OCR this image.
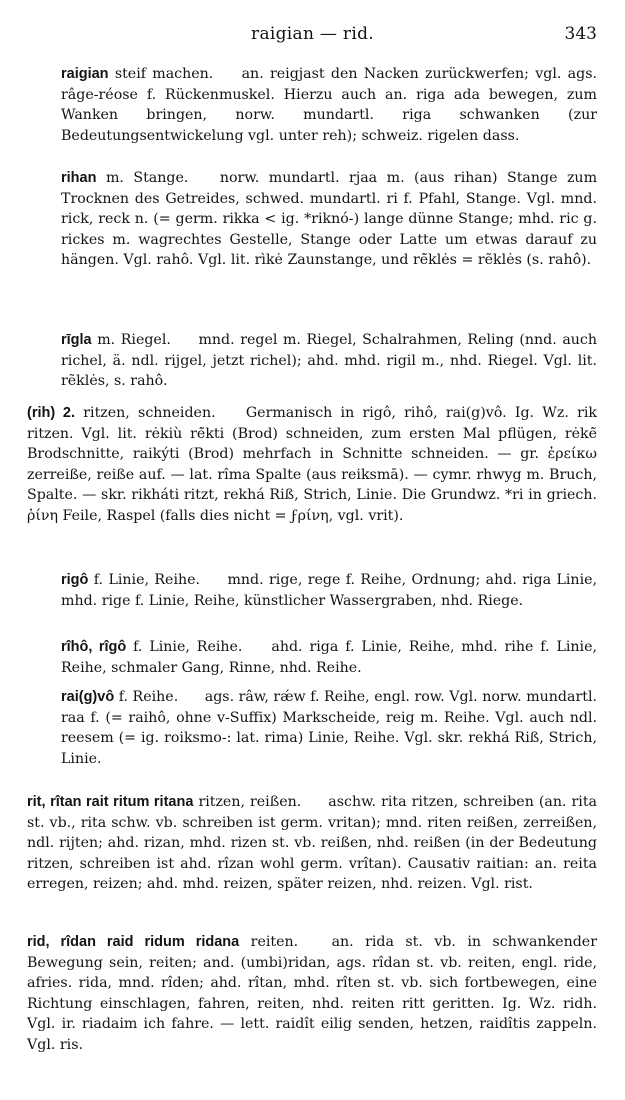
raigian — rid.	343

raigian steif machen. an. reigjast den Nacken zurückwerfen; vgl. ags. râge-réose f. Rückenmuskel. Hierzu auch an. riga ada bewegen, zum Wanken bringen, norw. mundartl. riga schwanken (zur Bedeutungsentwickelung vgl. unter reh); schweiz. rigelen dass.

rihan m. Stange. norw. mundartl. rjaa m. (aus rihan) Stange zum Trocknen des Getreides, schwed. mundartl. ri f. Pfahl, Stange. Vgl. mnd. rick, reck n. (= germ. rikka < ig. *riknó-) lange dünne Stange; mhd. ric g. rickes m. wagrechtes Gestelle, Stange oder Latte um etwas darauf zu hängen. Vgl. rahô. Vgl. lit. rìkė Zaunstange, und rė̃klės = rẽklės (s. rahô).

rīgla m. Riegel. mnd. regel m. Riegel, Schalrahmen, Reling (nnd. auch richel, ä. ndl. rijgel, jetzt richel); ahd. mhd. rigil m., nhd. Riegel. Vgl. lit. rẽklės, s. rahô.

(rih) 2. ritzen, schneiden. Germanisch in rigô, rihô, rai(g)vô. Ig. Wz. rik ritzen. Vgl. lit. rėkiù rė̃kti (Brod) schneiden, zum ersten Mal pflügen, rėkė̃ Brodschnitte, raikýti (Brod) mehrfach in Schnitte schneiden. — gr. ἐρείκω zerreiße, reiße auf. — lat. rîma Spalte (aus reiksmā). — cymr. rhwyg m. Bruch, Spalte. — skr. rikháti ritzt, rekhá Riß, Strich, Linie. Die Grundwz. *ri in griech. ῥίνη Feile, Raspel (falls dies nicht = ϝρίνη, vgl. vrit).

rigô f. Linie, Reihe. mnd. rige, rege f. Reihe, Ordnung; ahd. riga Linie, mhd. rige f. Linie, Reihe, künstlicher Wassergraben, nhd. Riege.

rîhô, rîgô f. Linie, Reihe. ahd. riga f. Linie, Reihe, mhd. rihe f. Linie, Reihe, schmaler Gang, Rinne, nhd. Reihe.

rai(g)vô f. Reihe. ags. râw, rǽw f. Reihe, engl. row. Vgl. norw. mundartl. raa f. (= raihô, ohne v-Suffix) Markscheide, reig m. Reihe. Vgl. auch ndl. reesem (= ig. roiksmo-: lat. rima) Linie, Reihe. Vgl. skr. rekhá Riß, Strich, Linie.

rit, rîtan rait ritum ritana ritzen, reißen. aschw. rita ritzen, schreiben (an. rita st. vb., rita schw. vb. schreiben ist germ. vritan); mnd. riten reißen, zerreißen, ndl. rijten; ahd. rizan, mhd. rizen st. vb. reißen, nhd. reißen (in der Bedeutung ritzen, schreiben ist ahd. rîzan wohl germ. vrîtan). Causativ raitian: an. reita erregen, reizen; ahd. mhd. reizen, später reizen, nhd. reizen. Vgl. rist.

rid, rîdan raid ridum ridana reiten. an. rida st. vb. in schwankender Bewegung sein, reiten; and. (umbi)ridan, ags. rîdan st. vb. reiten, engl. ride, afries. rida, mnd. rîden; ahd. rîtan, mhd. rîten st. vb. sich fortbewegen, eine Richtung einschlagen, fahren, reiten, nhd. reiten ritt geritten. Ig. Wz. ridh. Vgl. ir. riadaim ich fahre. — lett. raidît eilig senden, hetzen, raidîtis zappeln. Vgl. ris.
